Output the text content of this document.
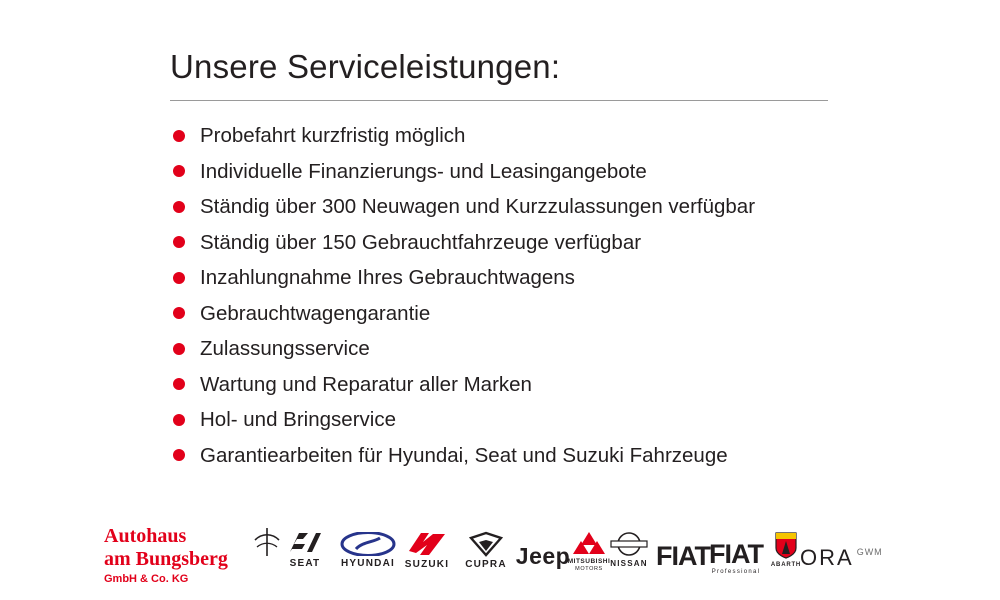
Unsere Serviceleistungen:
Probefahrt kurzfristig möglich
Individuelle Finanzierungs- und Leasingangebote
Ständig über 300 Neuwagen und Kurzzulassungen verfügbar
Ständig über 150 Gebrauchtfahrzeuge verfügbar
Inzahlungnahme Ihres Gebrauchtwagens
Gebrauchtwagengarantie
Zulassungsservice
Wartung und Reparatur aller Marken
Hol- und Bringservice
Garantiearbeiten für Hyundai, Seat und Suzuki Fahrzeuge
Autohaus
am Bungsberg
GmbH & Co. KG
SEAT	HYUNDAI SUZUKI	CUPRA Jeep
MITSUBISHI
MOTORS
NISSAN FIAT FIAT
Professional
ABARTH
ORA $^{GWM}$
